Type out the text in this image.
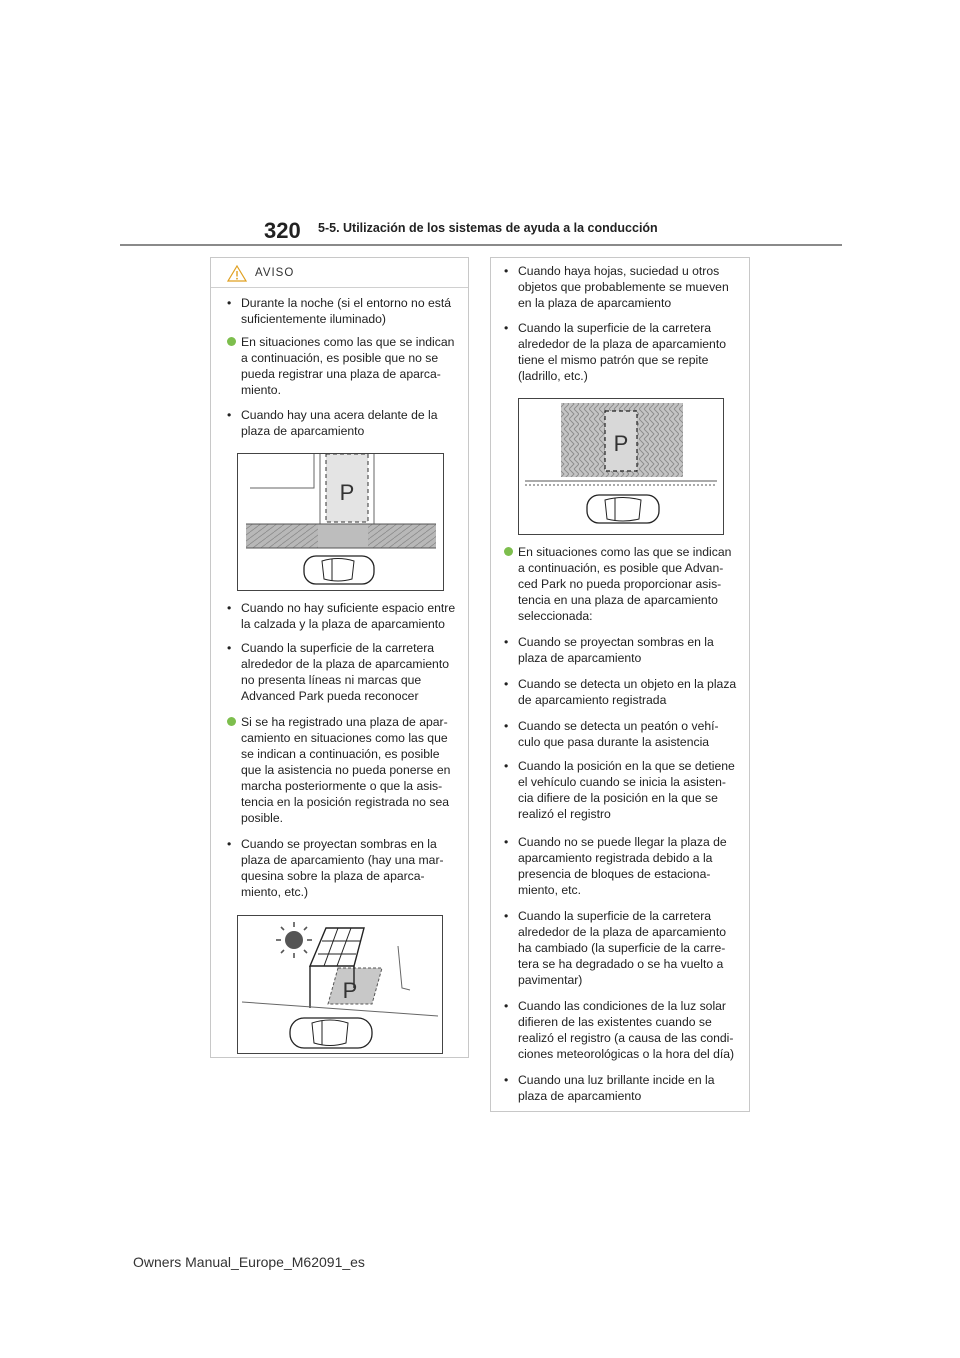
320 5-5. Utilización de los sistemas de ayuda a la conducción
AVISO
• Durante la noche (si el entorno no está
suficientemente iluminado)
En situaciones como las que se indican
a continuación, es posible que no se
pueda registrar una plaza de aparca-
miento.
• Cuando hay una acera delante de la
plaza de aparcamiento
P
• Cuando no hay suficiente espacio entre
la calzada y la plaza de aparcamiento
• Cuando la superficie de la carretera
alrededor de la plaza de aparcamiento
no presenta líneas ni marcas que
Advanced Park pueda reconocer
Si se ha registrado una plaza de apar-
camiento en situaciones como las que
se indican a continuación, es posible
que la asistencia no pueda ponerse en
marcha posteriormente o que la asis-
tencia en la posición registrada no sea
posible.
• Cuando se proyectan sombras en la
plaza de aparcamiento (hay una mar-
quesina sobre la plaza de aparca-
miento, etc.)
P
• Cuando haya hojas, suciedad u otros
objetos que probablemente se mueven
en la plaza de aparcamiento
• Cuando la superficie de la carretera
alrededor de la plaza de aparcamiento
tiene el mismo patrón que se repite
(ladrillo, etc.)
P
En situaciones como las que se indican
a continuación, es posible que Advan-
ced Park no pueda proporcionar asis-
tencia en una plaza de aparcamiento
seleccionada:
• Cuando se proyectan sombras en la
plaza de aparcamiento
• Cuando se detecta un objeto en la plaza
de aparcamiento registrada
• Cuando se detecta un peatón o vehí-
culo que pasa durante la asistencia
• Cuando la posición en la que se detiene
el vehículo cuando se inicia la asisten-
cia difiere de la posición en la que se
realizó el registro
• Cuando no se puede llegar la plaza de
aparcamiento registrada debido a la
presencia de bloques de estaciona-
miento, etc.
• Cuando la superficie de la carretera
alrededor de la plaza de aparcamiento
ha cambiado (la superficie de la carre-
tera se ha degradado o se ha vuelto a
pavimentar)
• Cuando las condiciones de la luz solar
difieren de las existentes cuando se
realizó el registro (a causa de las condi-
ciones meteorológicas o la hora del día)
• Cuando una luz brillante incide en la
plaza de aparcamiento
Owners Manual_Europe_M62091_es
